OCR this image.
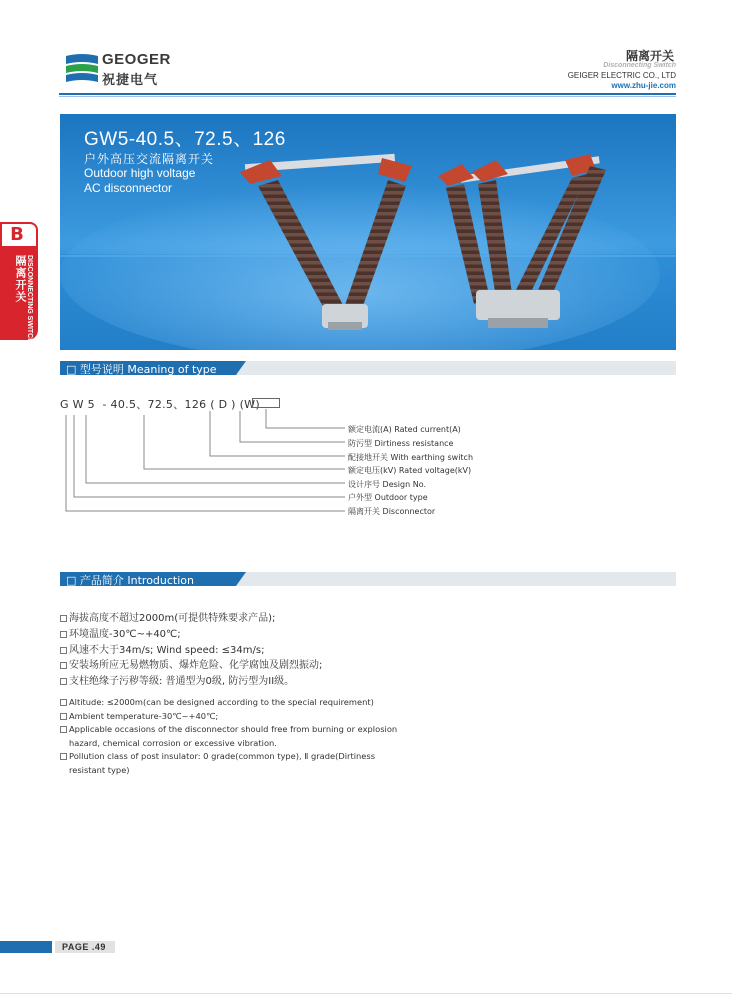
GEOGER
祝捷电气
隔离开关
Disconnecting Switch
GEIGER ELECTRIC CO., LTD
www.zhu-jie.com
B
隔离开关 DISCONNECTING SWITCH
GW5-40.5、72.5、126
户外高压交流隔离开关
Outdoor high voltage
AC disconnector
□ 型号说明 Meaning of type
G W 5  - 40.5、72.5、126 ( D ) (W)
额定电流(A) Rated current(A)
防污型 Dirtiness resistance
配接地开关 With earthing switch
额定电压(kV) Rated voltage(kV)
设计序号 Design No.
户外型 Outdoor type
隔离开关 Disconnector
□ 产品简介 Introduction
海拔高度不超过2000m(可提供特殊要求产品);
环境温度-30℃~+40℃;
风速不大于34m/s; Wind speed: ≤34m/s;
安装场所应无易燃物质、爆炸危险、化学腐蚀及剧烈振动;
支柱绝缘子污秽等级: 普通型为0级, 防污型为II级。
Altitude: ≤2000m(can be designed according to the special requirement)
Ambient temperature-30℃~+40℃;
Applicable occasions of the disconnector should free from burning or explosion
hazard, chemical corrosion or excessive vibration.
Pollution class of post insulator: 0 grade(common type), Ⅱ grade(Dirtiness
resistant type)
PAGE .49
